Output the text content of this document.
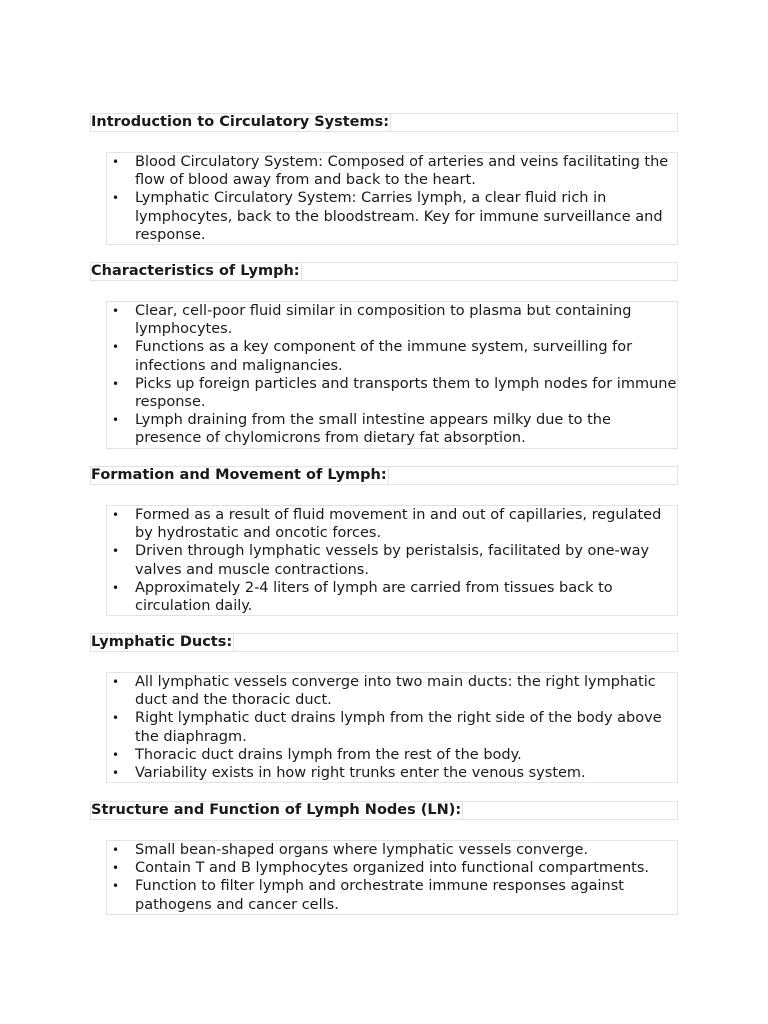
Introduction to Circulatory Systems:
• Blood Circulatory System: Composed of arteries and veins facilitating the flow of blood away from and back to the heart.
• Lymphatic Circulatory System: Carries lymph, a clear fluid rich in lymphocytes, back to the bloodstream. Key for immune surveillance and response.
Characteristics of Lymph:
• Clear, cell-poor fluid similar in composition to plasma but containing lymphocytes.
• Functions as a key component of the immune system, surveilling for infections and malignancies.
• Picks up foreign particles and transports them to lymph nodes for immune response.
• Lymph draining from the small intestine appears milky due to the presence of chylomicrons from dietary fat absorption.
Formation and Movement of Lymph:
• Formed as a result of fluid movement in and out of capillaries, regulated by hydrostatic and oncotic forces.
• Driven through lymphatic vessels by peristalsis, facilitated by one-way valves and muscle contractions.
• Approximately 2-4 liters of lymph are carried from tissues back to circulation daily.
Lymphatic Ducts:
• All lymphatic vessels converge into two main ducts: the right lymphatic duct and the thoracic duct.
• Right lymphatic duct drains lymph from the right side of the body above the diaphragm.
• Thoracic duct drains lymph from the rest of the body.
• Variability exists in how right trunks enter the venous system.
Structure and Function of Lymph Nodes (LN):
• Small bean-shaped organs where lymphatic vessels converge.
• Contain T and B lymphocytes organized into functional compartments.
• Function to filter lymph and orchestrate immune responses against pathogens and cancer cells.
